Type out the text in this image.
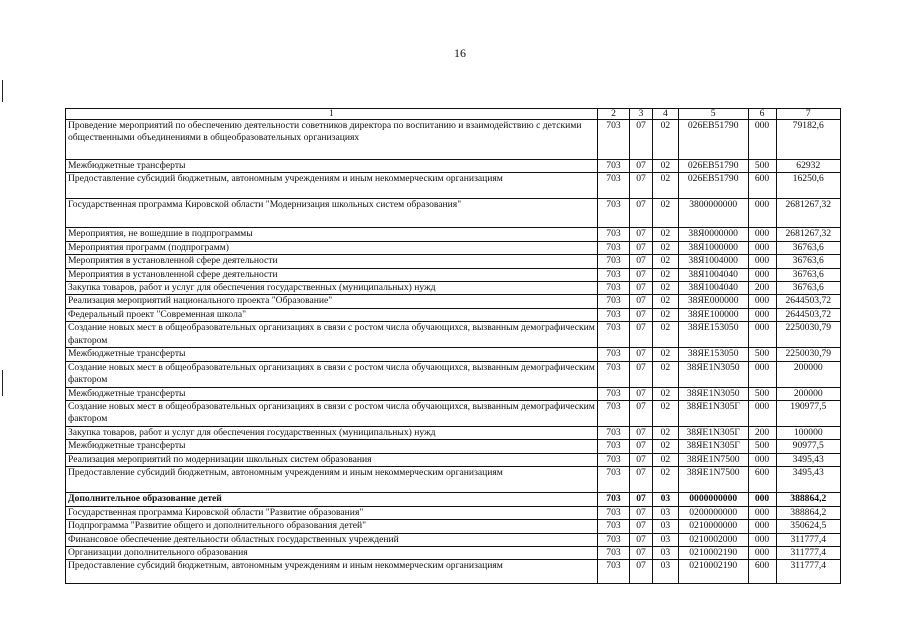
16
1	2	3	4	5	6	7
Проведение мероприятий по обеспечению деятельности советников директора по воспитанию и взаимодействию с детскими общественными объединениями в общеобразовательных организациях	703	07	02	026EB51790	000	79182,6
Межбюджетные трансферты	703	07	02	026EB51790	500	62932
Предоставление субсидий бюджетным, автономным учреждениям и иным некоммерческим организациям	703	07	02	026EB51790	600	16250,6
Государственная программа Кировской области "Модернизация школьных систем образования"	703	07	02	3800000000	000	2681267,32
Мероприятия, не вошедшие в подпрограммы	703	07	02	38Я0000000	000	2681267,32
Мероприятия программ (подпрограмм)	703	07	02	38Я1000000	000	36763,6
Мероприятия в установленной сфере деятельности	703	07	02	38Я1004000	000	36763,6
Мероприятия в установленной сфере деятельности	703	07	02	38Я1004040	000	36763,6
Закупка товаров, работ и услуг для обеспечения государственных (муниципальных) нужд	703	07	02	38Я1004040	200	36763,6
Реализация мероприятий национального проекта "Образование"	703	07	02	38ЯЕ000000	000	2644503,72
Федеральный проект "Современная школа"	703	07	02	38ЯЕ100000	000	2644503,72
Создание новых мест в общеобразовательных организациях в связи с ростом числа обучающихся, вызванным демографическим фактором	703	07	02	38ЯЕ153050	000	2250030,79
Межбюджетные трансферты	703	07	02	38ЯЕ153050	500	2250030,79
Создание новых мест в общеобразовательных организациях в связи с ростом числа обучающихся, вызванным демографическим фактором	703	07	02	38ЯЕ1N3050	000	200000
Межбюджетные трансферты	703	07	02	38ЯЕ1N3050	500	200000
Создание новых мест в общеобразовательных организациях в связи с ростом числа обучающихся, вызванным демографическим фактором	703	07	02	38ЯЕ1N305Г	000	190977,5
Закупка товаров, работ и услуг для обеспечения государственных (муниципальных) нужд	703	07	02	38ЯЕ1N305Г	200	100000
Межбюджетные трансферты	703	07	02	38ЯЕ1N305Г	500	90977,5
Реализация мероприятий по модернизации школьных систем образования	703	07	02	38ЯЕ1N7500	000	3495,43
Предоставление субсидий бюджетным, автономным учреждениям и иным некоммерческим организациям	703	07	02	38ЯЕ1N7500	600	3495,43
Дополнительное образование детей	703	07	03	0000000000	000	388864,2
Государственная программа Кировской области "Развитие образования"	703	07	03	0200000000	000	388864,2
Подпрограмма "Развитие общего и дополнительного образования детей"	703	07	03	0210000000	000	350624,5
Финансовое обеспечение деятельности областных государственных учреждений	703	07	03	0210002000	000	311777,4
Организации дополнительного образования	703	07	03	0210002190	000	311777,4
Предоставление субсидий бюджетным, автономным учреждениям и иным некоммерческим организациям	703	07	03	0210002190	600	311777,4
